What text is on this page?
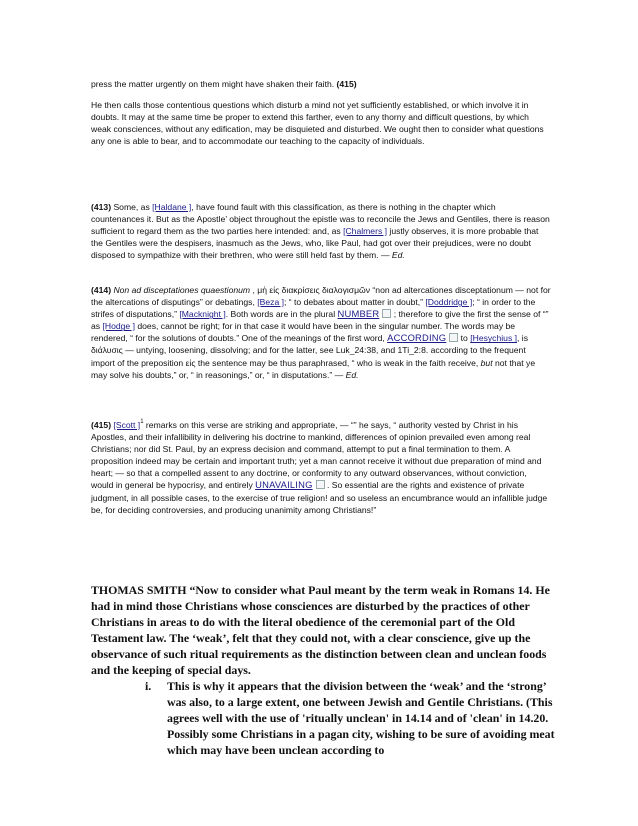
press the matter urgently on them might have shaken their faith. (415)

He then calls those contentious questions which disturb a mind not yet sufficiently established, or which involve it in doubts. It may at the same time be proper to extend this farther, even to any thorny and difficult questions, by which weak consciences, without any edification, may be disquieted and disturbed. We ought then to consider what questions any one is able to bear, and to accommodate our teaching to the capacity of individuals.

(413) Some, as [Haldane ], have found fault with this classification, as there is nothing in the chapter which countenances it. But as the Apostle’ object throughout the epistle was to reconcile the Jews and Gentiles, there is reason sufficient to regard them as the two parties here intended: and, as [Chalmers ] justly observes, it is more probable that the Gentiles were the despisers, inasmuch as the Jews, who, like Paul, had got over their prejudices, were no doubt disposed to sympathize with their brethren, who were still held fast by them. — Ed.

(414) Non ad disceptationes quaestionum , μὴ εἰς διακρίσεις διαλογισμῶν “non ad altercationes disceptationum — not for the altercations of disputings” or debatings, [Beza ]; “ to debates about matter in doubt,” [Doddridge ]; “ in order to the strifes of disputations,” [Macknight ]. Both words are in the plural NUMBER ; therefore to give the first the sense of “” as [Hodge ] does, cannot be right; for in that case it would have been in the singular number. The words may be rendered, “ for the solutions of doubts.” One of the meanings of the first word, ACCORDING to [Hesychius ], is διάλυσις — untying, loosening, dissolving; and for the latter, see Luk_24:38, and 1Ti_2:8. according to the frequent import of the preposition εἰς the sentence may be thus paraphrased, “ who is weak in the faith receive, but not that ye may solve his doubts,” or, “ in reasonings,” or, “ in disputations.” — Ed.

(415) [Scott ]$^1$ remarks on this verse are striking and appropriate, — “” he says, “ authority vested by Christ in his Apostles, and their infallibility in delivering his doctrine to mankind, differences of opinion prevailed even among real Christians; nor did St. Paul, by an express decision and command, attempt to put a final termination to them. A proposition indeed may be certain and important truth; yet a man cannot receive it without due preparation of mind and heart; — so that a compelled assent to any doctrine, or conformity to any outward observances, without conviction, would in general be hypocrisy, and entirely UNAVAILING . So essential are the rights and existence of private judgment, in all possible cases, to the exercise of true religion! and so useless an encumbrance would an infallible judge be, for deciding controversies, and producing unanimity among Christians!”

THOMAS SMITH “Now to consider what Paul meant by the term weak in Romans 14. He had in mind those Christians whose consciences are disturbed by the practices of other Christians in areas to do with the literal obedience of the ceremonial part of the Old Testament law. The ‘weak’, felt that they could not, with a clear conscience, give up the observance of such ritual requirements as the distinction between clean and unclean foods and the keeping of special days.

i. This is why it appears that the division between the ‘weak’ and the ‘strong’ was also, to a large extent, one between Jewish and Gentile Christians. (This agrees well with the use of 'ritually unclean' in 14.14 and of 'clean' in 14.20. Possibly some Christians in a pagan city, wishing to be sure of avoiding meat which may have been unclean according to
